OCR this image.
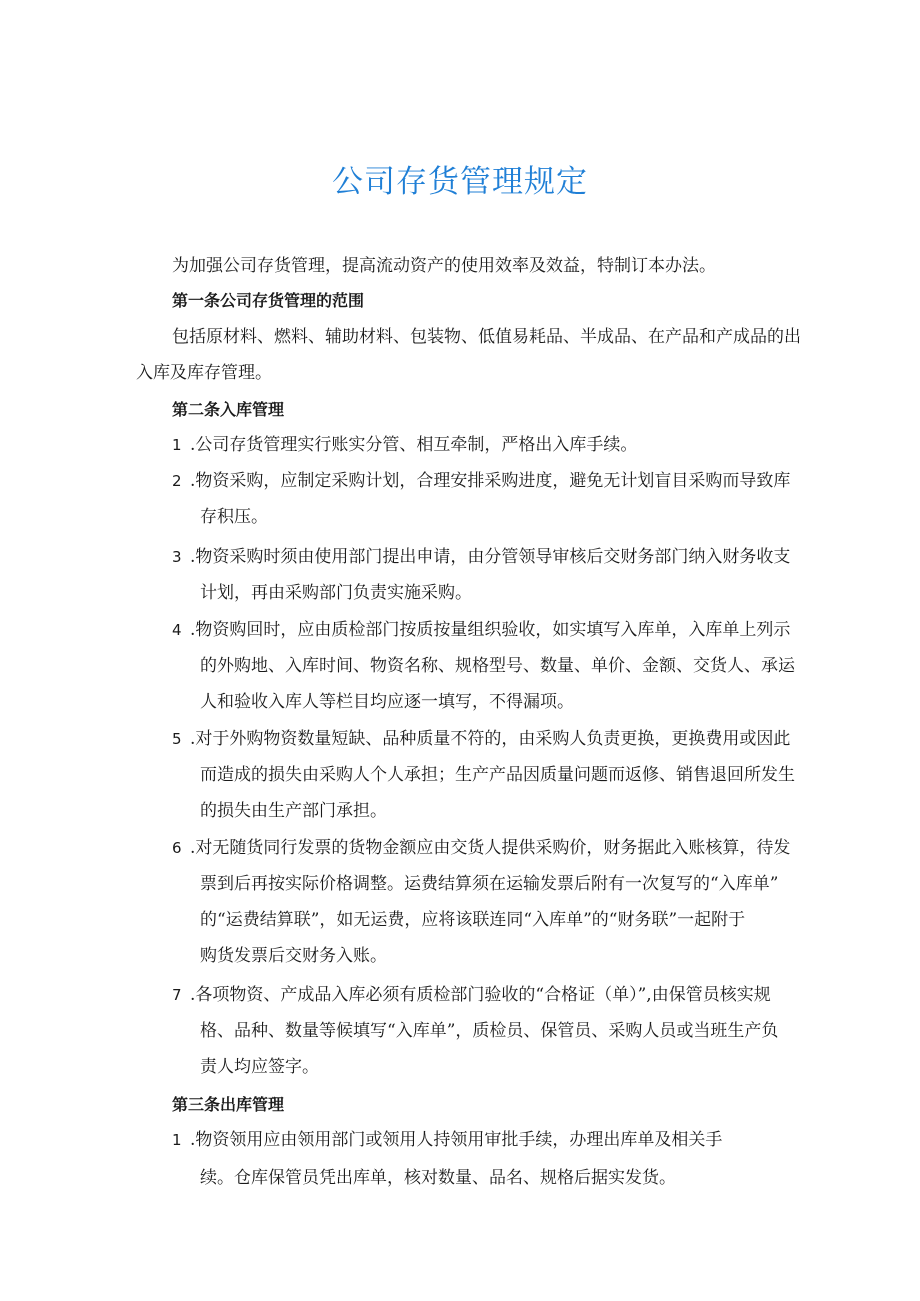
公司存货管理规定
为加强公司存货管理，提高流动资产的使用效率及效益，特制订本办法。
第一条公司存货管理的范围
包括原材料、燃料、辅助材料、包装物、低值易耗品、半成品、在产品和产成品的出
入库及库存管理。
第二条入库管理
1 .公司存货管理实行账实分管、相互牵制，严格出入库手续。
2 .物资采购，应制定采购计划，合理安排采购进度，避免无计划盲目采购而导致库
存积压。
3 .物资采购时须由使用部门提出申请，由分管领导审核后交财务部门纳入财务收支
计划，再由采购部门负责实施采购。
4 .物资购回时，应由质检部门按质按量组织验收，如实填写入库单，入库单上列示
的外购地、入库时间、物资名称、规格型号、数量、单价、金额、交货人、承运
人和验收入库人等栏目均应逐一填写，不得漏项。
5 .对于外购物资数量短缺、品种质量不符的，由采购人负责更换，更换费用或因此
而造成的损失由采购人个人承担；生产产品因质量问题而返修、销售退回所发生
的损失由生产部门承担。
6 .对无随货同行发票的货物金额应由交货人提供采购价，财务据此入账核算，待发
票到后再按实际价格调整。运费结算须在运输发票后附有一次复写的“入库单”
的“运费结算联”，如无运费，应将该联连同“入库单”的“财务联”一起附于
购货发票后交财务入账。
7 .各项物资、产成品入库必须有质检部门验收的“合格证（单）”,由保管员核实规
格、品种、数量等候填写“入库单”，质检员、保管员、采购人员或当班生产负
责人均应签字。
第三条出库管理
1 .物资领用应由领用部门或领用人持领用审批手续，办理出库单及相关手
续。仓库保管员凭出库单，核对数量、品名、规格后据实发货。
